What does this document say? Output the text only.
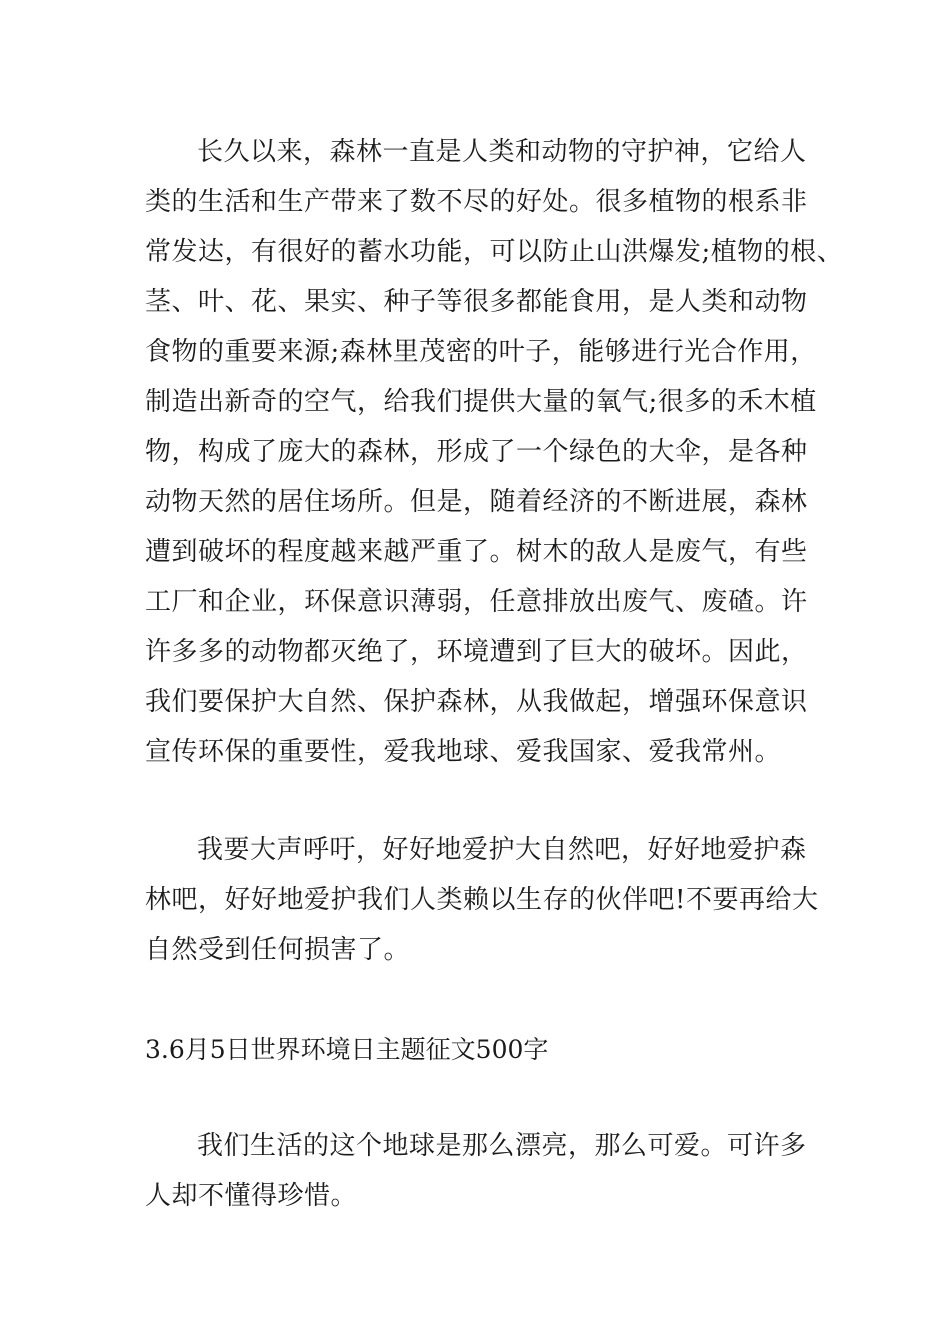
长久以来，森林一直是人类和动物的守护神，它给人

类的生活和生产带来了数不尽的好处。很多植物的根系非

常发达，有很好的蓄水功能，可以防止山洪爆发;植物的根、

茎、叶、花、果实、种子等很多都能食用，是人类和动物

食物的重要来源;森林里茂密的叶子，能够进行光合作用，

制造出新奇的空气，给我们提供大量的氧气;很多的禾木植

物，构成了庞大的森林，形成了一个绿色的大伞，是各种

动物天然的居住场所。但是，随着经济的不断进展，森林

遭到破坏的程度越来越严重了。树木的敌人是废气，有些

工厂和企业，环保意识薄弱，任意排放出废气、废碴。许

许多多的动物都灭绝了，环境遭到了巨大的破坏。因此，

我们要保护大自然、保护森林，从我做起，增强环保意识

宣传环保的重要性，爱我地球、爱我国家、爱我常州。

我要大声呼吁，好好地爱护大自然吧，好好地爱护森

林吧，好好地爱护我们人类赖以生存的伙伴吧!不要再给大

自然受到任何损害了。

3.6月5日世界环境日主题征文500字

我们生活的这个地球是那么漂亮，那么可爱。可许多

人却不懂得珍惜。
